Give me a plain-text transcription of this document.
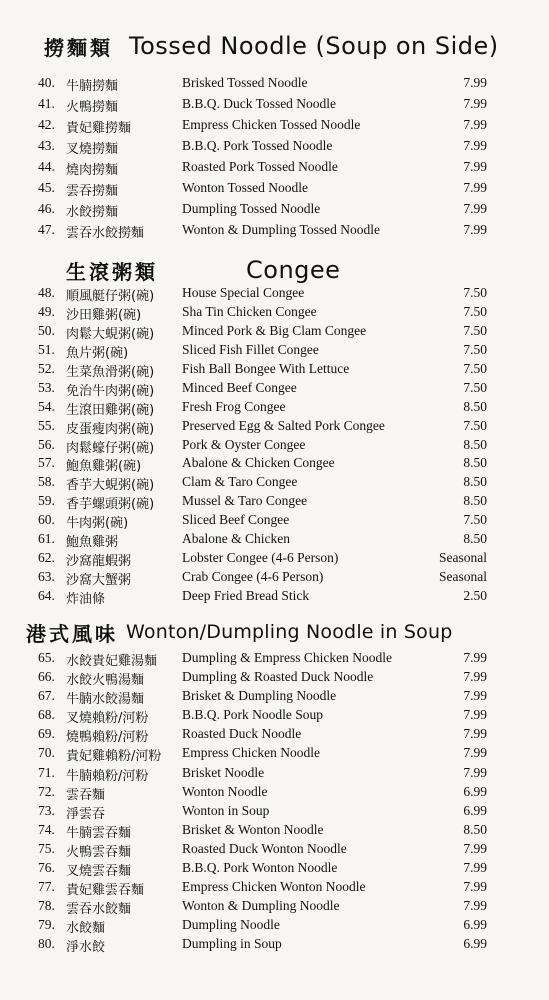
撈麵類 Tossed Noodle (Soup on Side)
40. 牛腩撈麵	Brisked Tossed Noodle	7.99
41. 火鴨撈麵	B.B.Q. Duck Tossed Noodle	7.99
42. 貴妃雞撈麵	Empress Chicken Tossed Noodle	7.99
43. 叉燒撈麵	B.B.Q. Pork Tossed Noodle	7.99
44. 燒肉撈麵	Roasted Pork Tossed Noodle	7.99
45. 雲吞撈麵	Wonton Tossed Noodle	7.99
46. 水餃撈麵	Dumpling Tossed Noodle	7.99
47. 雲吞水餃撈麵	Wonton & Dumpling Tossed Noodle	7.99
生滾粥類	Congee
48. 順風艇仔粥(碗) House Special Congee	7.50
49. 沙田雞粥(碗)	Sha Tin Chicken Congee	7.50
50. 肉鬆大蜆粥(碗) Minced Pork & Big Clam Congee	7.50
51. 魚片粥(碗)	Sliced Fish Fillet Congee	7.50
52. 生菜魚滑粥(碗) Fish Ball Bongee With Lettuce	7.50
53. 免治牛肉粥(碗) Minced Beef Congee	7.50
54. 生滾田雞粥(碗) Fresh Frog Congee	8.50
55. 皮蛋瘦肉粥(碗) Preserved Egg & Salted Pork Congee	7.50
56. 肉鬆蠔仔粥(碗) Pork & Oyster Congee	8.50
57. 鮑魚雞粥(碗)	Abalone & Chicken Congee	8.50
58. 香芋大蜆粥(碗) Clam & Taro Congee	8.50
59. 香芋螺頭粥(碗) Mussel & Taro Congee	8.50
60. 牛肉粥(碗)	Sliced Beef Congee	7.50
61. 鮑魚雞粥	Abalone & Chicken	8.50
62. 沙窩龍蝦粥	Lobster Congee (4-6 Person)	Seasonal
63. 沙窩大蟹粥	Crab Congee (4-6 Person)	Seasonal
64. 炸油條	Deep Fried Bread Stick	2.50
港式風味 Wonton/Dumpling Noodle in Soup
65. 水餃貴妃雞湯麵 Dumpling & Empress Chicken Noodle	7.99
66. 水餃火鴨湯麵	Dumpling & Roasted Duck Noodle	7.99
67. 牛腩水餃湯麵	Brisket & Dumpling Noodle	7.99
68. 叉燒賴粉/河粉 B.B.Q. Pork Noodle Soup	7.99
69. 燒鴨賴粉/河粉 Roasted Duck Noodle	7.99
70. 貴妃雞賴粉/河粉 Empress Chicken Noodle	7.99
71. 牛腩賴粉/河粉 Brisket Noodle	7.99
72. 雲吞麵	Wonton Noodle	6.99
73. 淨雲吞	Wonton in Soup	6.99
74. 牛腩雲吞麵	Brisket & Wonton Noodle	8.50
75. 火鴨雲吞麵	Roasted Duck Wonton Noodle	7.99
76. 叉燒雲吞麵	B.B.Q. Pork Wonton Noodle	7.99
77. 貴妃雞雲吞麵	Empress Chicken Wonton Noodle	7.99
78. 雲吞水餃麵	Wonton & Dumpling Noodle	7.99
79. 水餃麵	Dumpling Noodle	6.99
80. 淨水餃	Dumpling in Soup	6.99
